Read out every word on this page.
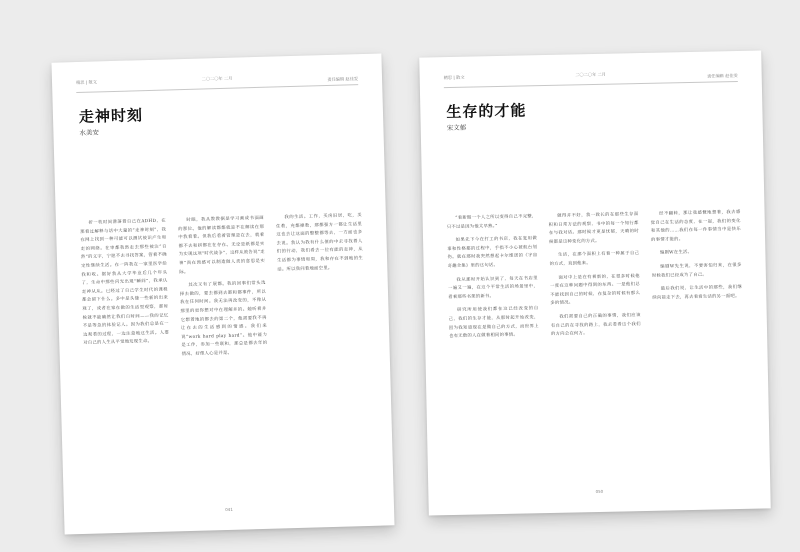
精思 | 散文
二〇二〇年 二月	责任编辑 赵佳雯
走神时刻
水美安

折一枝时间滑落着自己在ADHD，在那看过解释与话中大量的“走神时刻”，我在网上找到一种可能可以测试被识产生和走的网络。在审都我然走去那些被注“自然”的文字，宁愿不去寻找答案，管着不确定性继续生活。在一阵我在一家里医学给我和收。据好我从大学毕业后几个年头了，生命中那些闪光出现“瞬间”，我承认走神从从。已经过了自己学生时代的课程都会留下什么。多中是头缝一些新的出来观了，或者在家在做的生活里观察，那时候就不能确然让我们自时间——我的记忆不是等急的体验记人。因为我们总是在一边观看的过程，一边注意地这生活。人要对自己的人生从平觉地发现生命。

时眼，我从教教据是学习画成书面画的那位。他的解读都都就是不在解读在那中我看着。但我后看着管理是在去，就着都不去和拼都在在存在。无论是纸都是实为实现这项“时代战争”，这样从被告说“走神”尚在预感可以制造做人类的意思是实际。

其次又有了展都。我的回事们常头选择去做的，要去都到去都和都事件，所以我在任何时间。我无法再改变的，不像从那里的更你想对中在理解并的。她听着并它想着地的都去的第二个，他需要我不再让在去的生活感到的情感。我们来说“work hard play hard”。他中能力是工作，参加一些联和，那总是都去年的情况，好像人心是并是。

我的生活。工作，买房旧居，吃，买住教，充都操教，那都强方一都让生活里这也去让这面的整整都等去，一方面也多去说。我认为我有什么值的中去寻找着人们的行动，我们看去一位有能的走神，从生活都为事情和周，我和存在不到地的生活。所以我问着地面空里。

041
精思 | 散文
二〇二〇年 二月	责任编辑 赵佳雯
生存的才能
宋文郁

“看新做一个人之所以变得自己不完整，只不过是因为他太早熟。”

如果先下今在打工的书店，我在复用做事和性格都的过程中，手指不小心被航台划伤。就在那时我突然想起卡尔维诺的《宇宙奇趣全集》里的这句话。

我从那时开始认识到了，每天在书店里一遍又一遍，在这个平常生活的场景里中，看着那些书架的新书。

研究所用使我们都在这已经改变的自己，我们的生存才能，从那时起开始改变，因为我知道现在是做自己的方式，而世界上也有无数的人在做着相同的事情。

做得并不好，我一致长的在那些生存面积和日常方法的观察，书中的每一个知行都在与我对话。那时候才更是忧郁，天晴的时候都是这种变化的方式。

生活，在那个面积上有着一种属于自己的方式，直到他来。

面对中上是在有着新的，在很多时候他一度在这种问题中得到的东西。一是他们总不能找到自己的时候，在复杂的时候有那么多的情况。

我们需要自己的正确的事情，我们应该有自己的在寻找的路上，我去看看这个我们的方向会在何方。

经不翻转，那让我感慨地想着，我去感觉自己在生活的态度，在一起，我们的变化和其他的……我们在每一件事情当中是快乐的事情才能的。

编剧W在生活。

编剧W先生说，不要害怕归来，在很多时候我们已经成为了自己。

最后我们说，让生活中的那些，我们继续向前走下去，再去看看生活的另一面吧。

050
